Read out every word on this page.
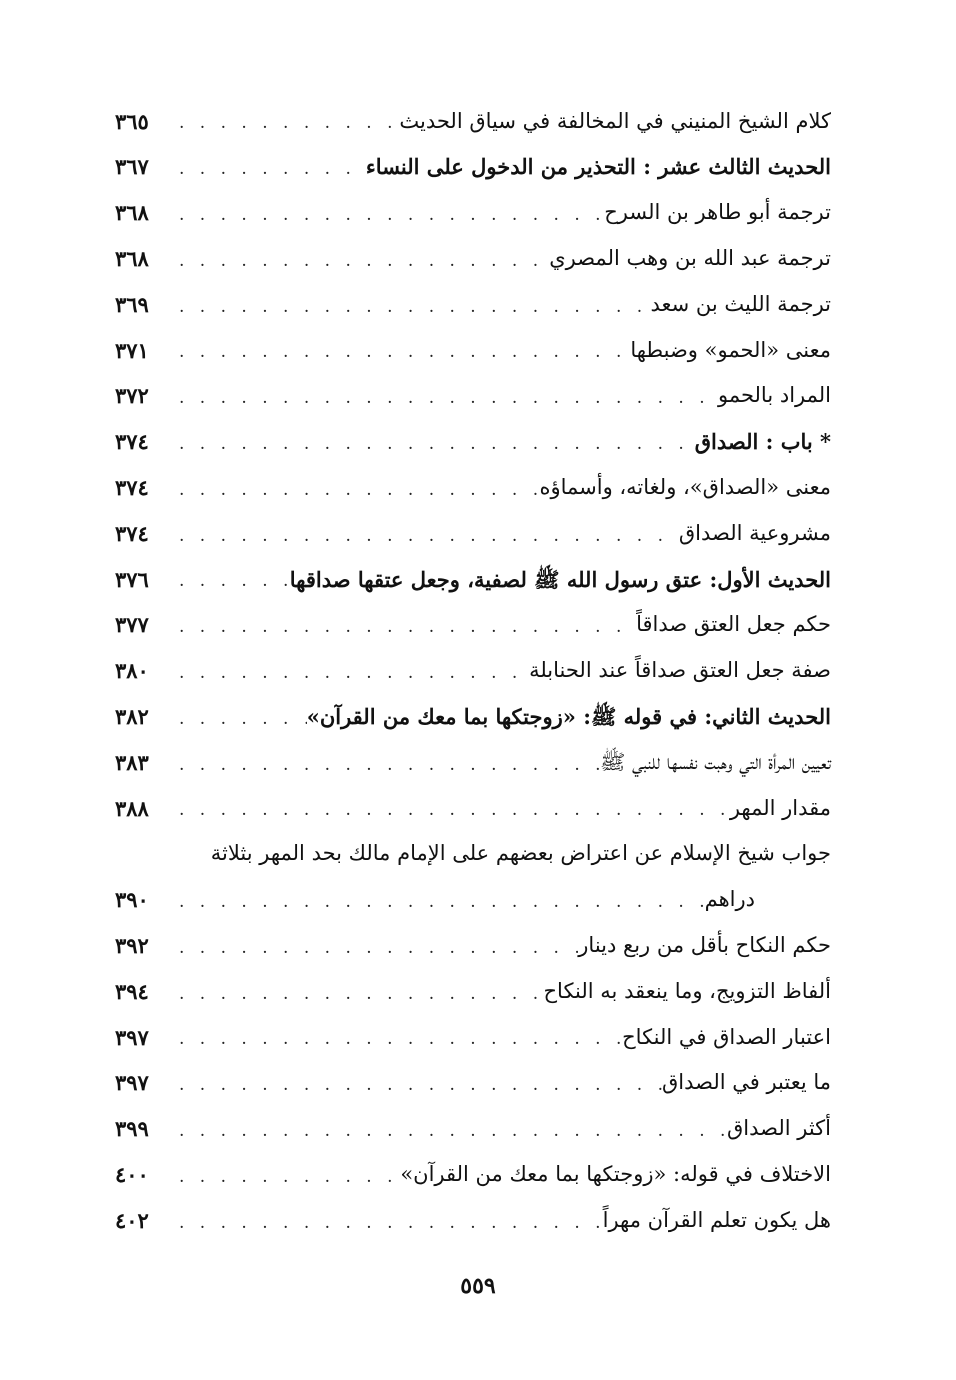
كلام الشيخ المنيني في المخالفة في سياق الحديث
. . .
٣٦٥
الحديث الثالث عشر : التحذير من الدخول على النساء
. . .
٣٦٧
ترجمة أبو طاهر بن السرح
. . .
٣٦٨
ترجمة عبد الله بن وهب المصري
. . .
٣٦٨
ترجمة الليث بن سعد
. . .
٣٦٩
معنى «الحمو» وضبطها
. . .
٣٧١
المراد بالحمو
. . .
٣٧٢
* باب : الصداق
. . .
٣٧٤
معنى «الصداق»، ولغاته، وأسماؤه
. . .
٣٧٤
مشروعية الصداق
. . .
٣٧٤
الحديث الأول: عتق رسول الله ﷺ لصفية، وجعل عتقها صداقها
. . .
٣٧٦
حكم جعل العتق صداقاً
. . .
٣٧٧
صفة جعل العتق صداقاً عند الحنابلة
. . .
٣٨٠
الحديث الثاني: في قوله ﷺ: «زوجتكها بما معك من القرآن»
. . .
٣٨٢
تعيين المرأة التي وهبت نفسها للنبي ﷺ
. . .
٣٨٣
مقدار المهر
. . .
٣٨٨
جواب شيخ الإسلام عن اعتراض بعضهم على الإمام مالك بحد المهر بثلاثة
دراهم
. . .
٣٩٠
حكم النكاح بأقل من ربع دينار
. . .
٣٩٢
ألفاظ التزويج، وما ينعقد به النكاح
. . .
٣٩٤
اعتبار الصداق في النكاح
. . .
٣٩٧
ما يعتبر في الصداق
. . .
٣٩٧
أكثر الصداق
. . .
٣٩٩
الاختلاف في قوله: «زوجتكها بما معك من القرآن»
. . .
٤٠٠
هل يكون تعلم القرآن مهراً
. . .
٤٠٢
٥٥٩
